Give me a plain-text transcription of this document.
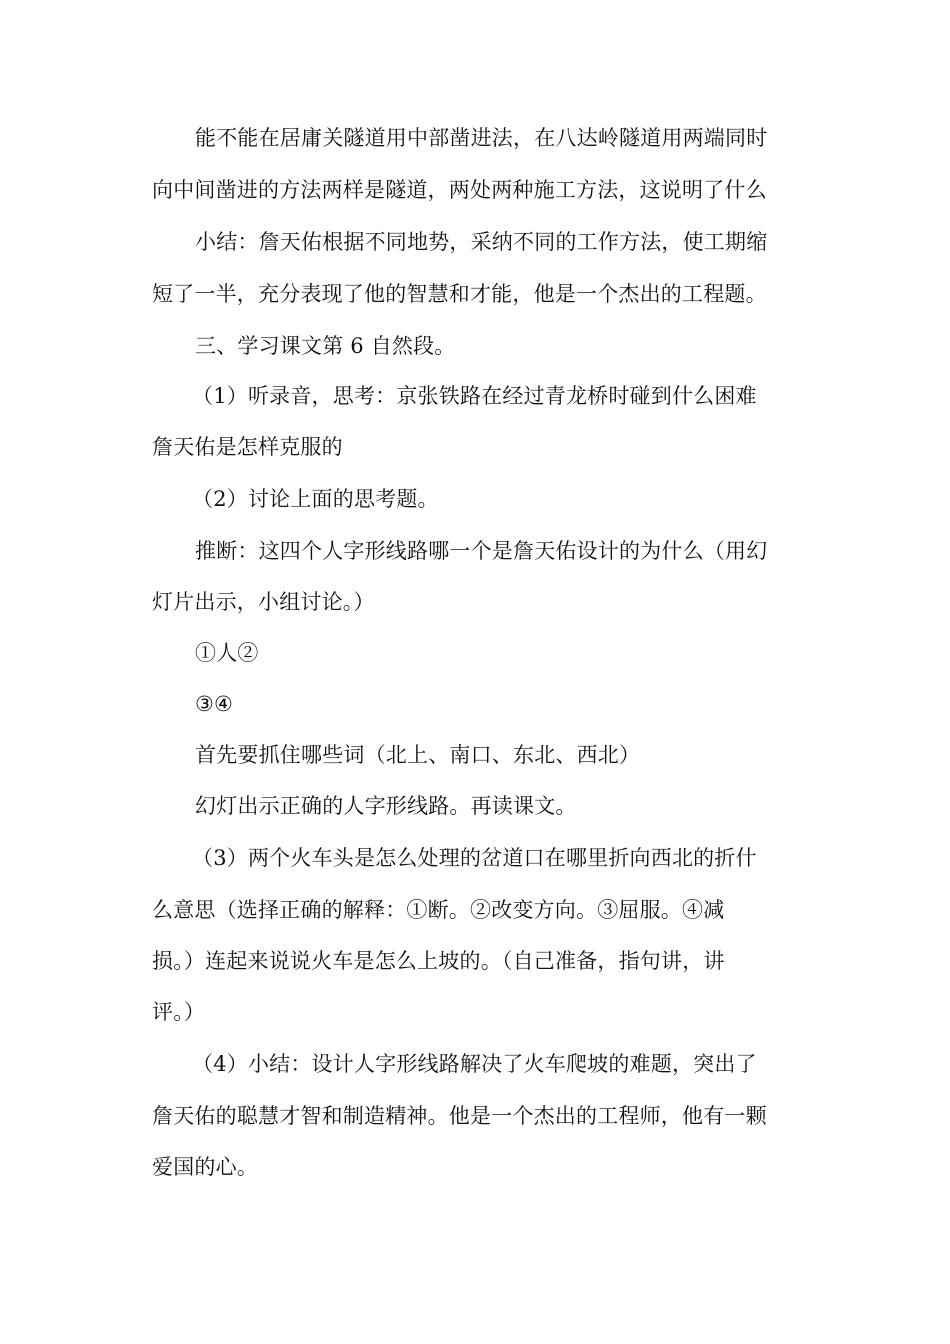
能不能在居庸关隧道用中部凿进法，在八达岭隧道用两端同时
向中间凿进的方法两样是隧道，两处两种施工方法，这说明了什么
小结：詹天佑根据不同地势，采纳不同的工作方法，使工期缩
短了一半，充分表现了他的智慧和才能，他是一个杰出的工程题。
三、学习课文第 6 自然段。
（1）听录音，思考：京张铁路在经过青龙桥时碰到什么困难
詹天佑是怎样克服的
（2）讨论上面的思考题。
推断：这四个人字形线路哪一个是詹天佑设计的为什么（用幻
灯片出示，小组讨论。）
①人②
③④
首先要抓住哪些词（北上、南口、东北、西北）
幻灯出示正确的人字形线路。再读课文。
（3）两个火车头是怎么处理的岔道口在哪里折向西北的折什
么意思（选择正确的解释：①断。②改变方向。③屈服。④减
损。）连起来说说火车是怎么上坡的。（自己准备，指句讲，讲
评。）
（4）小结：设计人字形线路解决了火车爬坡的难题，突出了
詹天佑的聪慧才智和制造精神。他是一个杰出的工程师，他有一颗
爱国的心。
